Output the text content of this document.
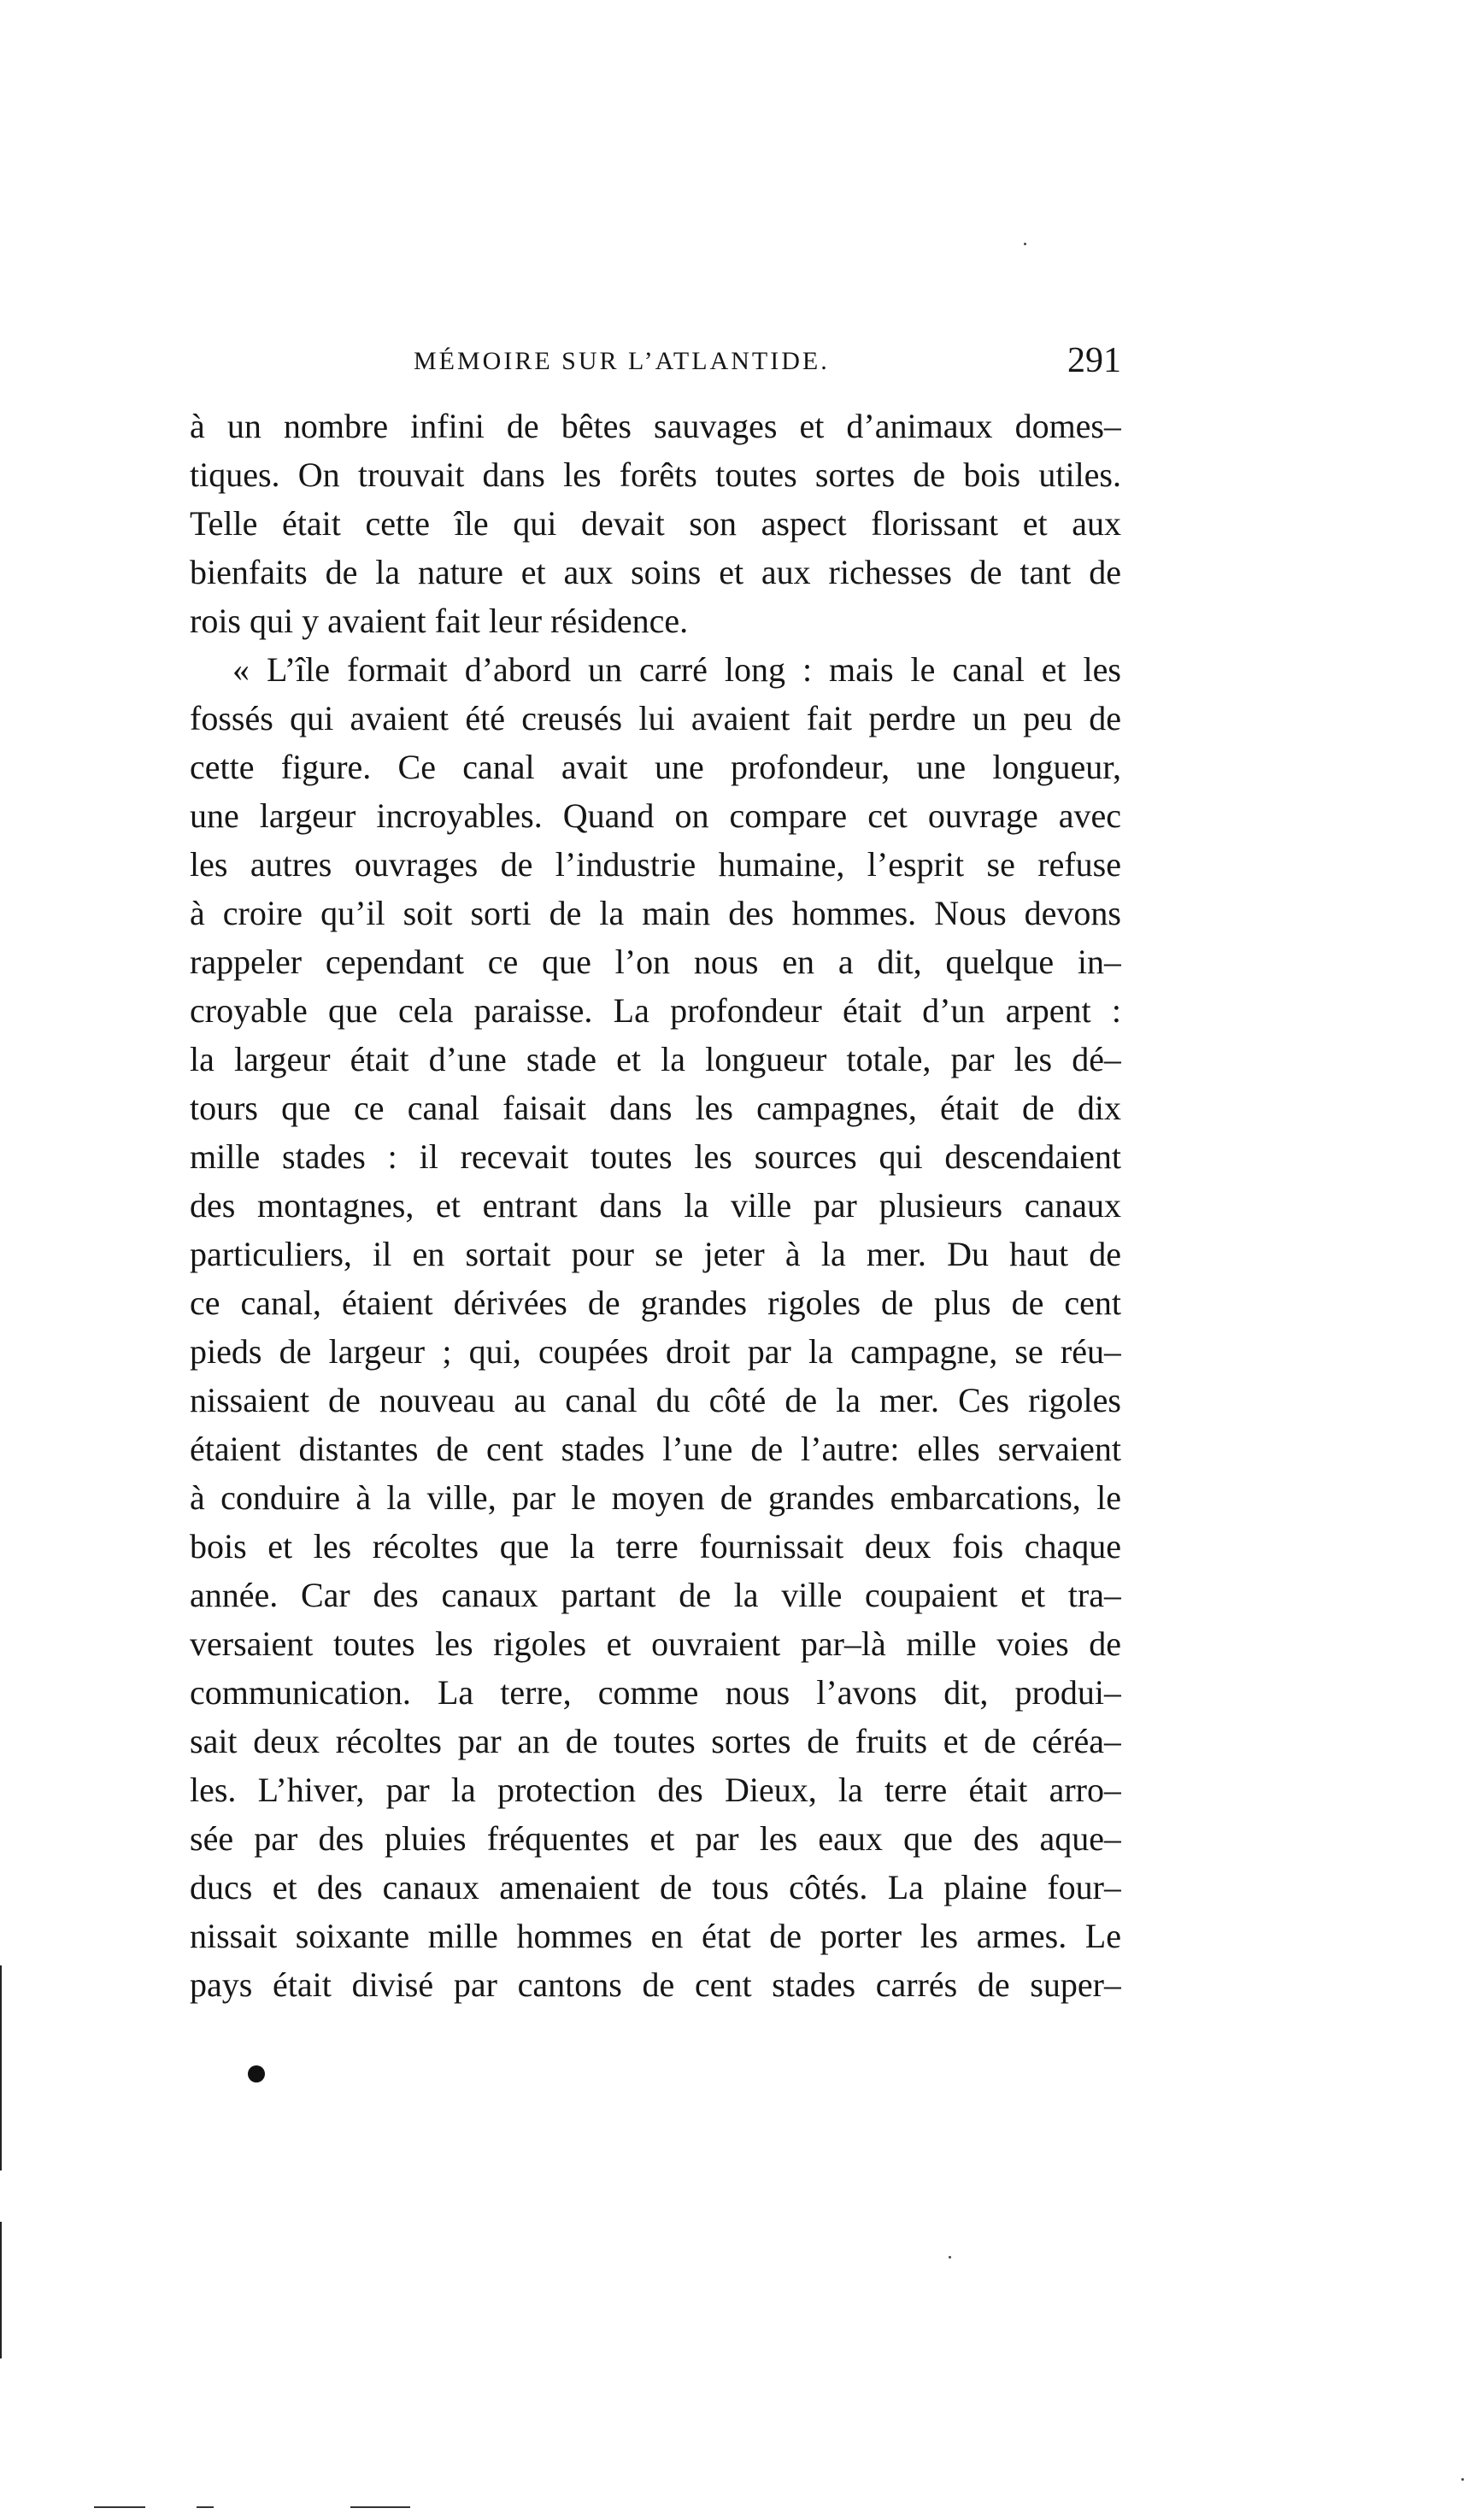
MÉMOIRE SUR L’ATLANTIDE.	291
à un nombre infini de bêtes sauvages et d’animaux domes–
tiques. On trouvait dans les forêts toutes sortes de bois utiles.
Telle était cette île qui devait son aspect florissant et aux
bienfaits de la nature et aux soins et aux richesses de tant de
rois qui y avaient fait leur résidence.
« L’île formait d’abord un carré long : mais le canal et les
fossés qui avaient été creusés lui avaient fait perdre un peu de
cette figure. Ce canal avait une profondeur, une longueur,
une largeur incroyables. Quand on compare cet ouvrage avec
les autres ouvrages de l’industrie humaine, l’esprit se refuse
à croire qu’il soit sorti de la main des hommes. Nous devons
rappeler cependant ce que l’on nous en a dit, quelque in–
croyable que cela paraisse. La profondeur était d’un arpent :
la largeur était d’une stade et la longueur totale, par les dé–
tours que ce canal faisait dans les campagnes, était de dix
mille stades : il recevait toutes les sources qui descendaient
des montagnes, et entrant dans la ville par plusieurs canaux
particuliers, il en sortait pour se jeter à la mer. Du haut de
ce canal, étaient dérivées de grandes rigoles de plus de cent
pieds de largeur ; qui, coupées droit par la campagne, se réu–
nissaient de nouveau au canal du côté de la mer. Ces rigoles
étaient distantes de cent stades l’une de l’autre: elles servaient
à conduire à la ville, par le moyen de grandes embarcations, le
bois et les récoltes que la terre fournissait deux fois chaque
année. Car des canaux partant de la ville coupaient et tra–
versaient toutes les rigoles et ouvraient par–là mille voies de
communication. La terre, comme nous l’avons dit, produi–
sait deux récoltes par an de toutes sortes de fruits et de céréa–
les. L’hiver, par la protection des Dieux, la terre était arro–
sée par des pluies fréquentes et par les eaux que des aque–
ducs et des canaux amenaient de tous côtés. La plaine four–
nissait soixante mille hommes en état de porter les armes. Le
pays était divisé par cantons de cent stades carrés de super–
